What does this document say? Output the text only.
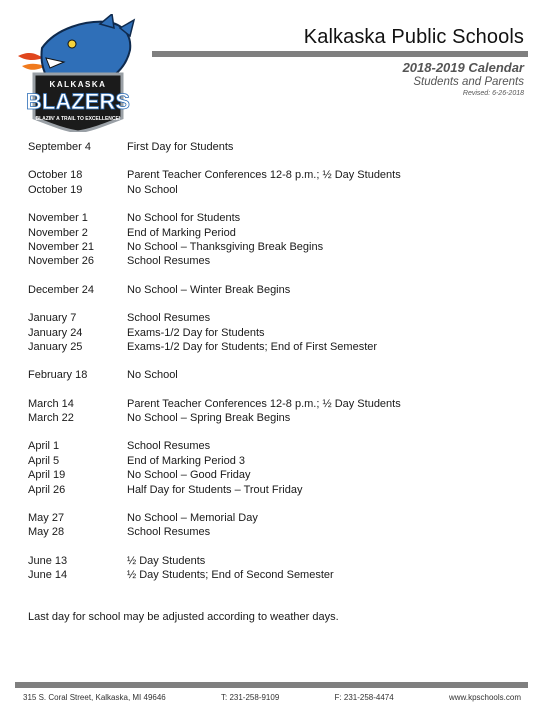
KALKASKA
BLAZERS
BLAZIN' A TRAIL TO EXCELLENCE!
Kalkaska Public Schools
2018-2019 Calendar
Students and Parents
Revised: 6-26-2018
September 4	First Day for Students
October 18	Parent Teacher Conferences 12-8 p.m.; ½ Day Students
October 19	No School
November 1	No School for Students
November 2	End of Marking Period
November 21	No School – Thanksgiving Break Begins
November 26	School Resumes
December 24	No School – Winter Break Begins
January 7	School Resumes
January 24	Exams-1/2 Day for Students
January 25	Exams-1/2 Day for Students; End of First Semester
February 18	No School
March 14	Parent Teacher Conferences 12-8 p.m.; ½ Day Students
March 22	No School – Spring Break Begins
April 1	School Resumes
April 5	End of Marking Period 3
April 19	No School – Good Friday
April 26	Half Day for Students – Trout Friday
May 27	No School – Memorial Day
May 28	School Resumes
June 13	½ Day Students
June 14	½ Day Students; End of Second Semester
Last day for school may be adjusted according to weather days.
315 S. Coral Street, Kalkaska, MI 49646	T: 231-258-9109	F: 231-258-4474	www.kpschools.com
